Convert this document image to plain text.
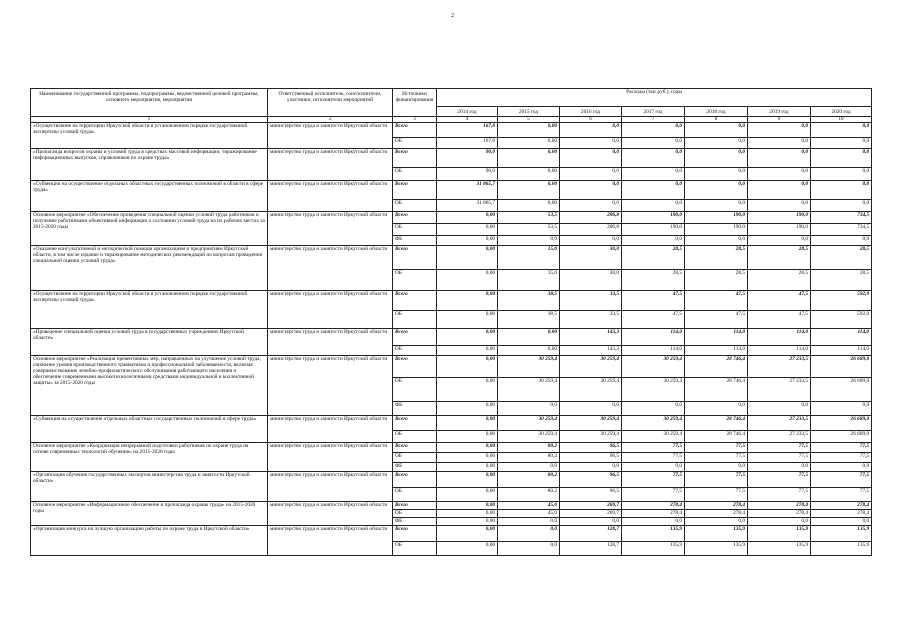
2
Наименование государственной программы, подпрограммы, ведомственной целевой программы, основного мероприятия, мероприятия	Ответственный исполнитель, соисполнители, участники, исполнители мероприятий	Источники финансирования	Расходы (тыс.руб.), годы						
			2014 год	2015 год	2016 год	2017 год	2018 год	2019 год	2020 год
1	2	3	4	5	6	7	8	9	10
«Осуществление на территории Иркутской области в установленном порядке государственной экспертизы условий труда»	министерство труда и занятости Иркутской области	Всего	167,8	0,00	0,0	0,0	0,0	0,0	0,0
		ОБ	167,8	0,00	0,0	0,0	0,0	0,0	0,0
«Пропаганда вопросов охраны и условий труда в средствах массовой информации, тиражирование информационных выпусков, справочников по охране труда»	министерство труда и занятости Иркутской области	Всего	90,0	0,00	0,0	0,0	0,0	0,0	0,0
		ОБ	90,0	0,00	0,0	0,0	0,0	0,0	0,0
«Субвенции на осуществление отдельных областных государственных полномочий в области в сфере труда»	министерство труда и занятости Иркутской области	Всего	31 865,7	0,00	0,0	0,0	0,0	0,0	0,0
		ОБ	31 865,7	0,00	0,0	0,0	0,0	0,0	0,0
Основное мероприятие «Обеспечение проведения специальной оценки условий труда работников и получение работниками объективной информации о состоянии условий труда на их рабочих местах за 2015-2020 годы	министерство труда и занятости Иркутской области	Всего	0,00	53,5	206,8	190,0	190,0	190,0	734,5
		ОБ	0,00	53,5	206,8	190,0	190,0	190,0	734,5
		ФБ	0,00	0,0	0,0	0,0	0,0	0,0	0,0
«Оказание консультативной и методической помощи организациям и предприятиям Иркутской области, в том числе издание и тиражирование методических рекомендаций по вопросам проведения специальной оценки условий труда»	министерство труда и занятости Иркутской области	Всего	0,00	15,0	30,0	28,5	28,5	28,5	28,5
		ОБ	0,00	15,0	30,0	28,5	28,5	28,5	28,5
«Осуществление на территории Иркутской области в установленном порядке государственной экспертизы условий труда»	министерство труда и занятости Иркутской области	Всего	0,00	38,5	33,5	47,5	47,5	47,5	592,0
		ОБ	0,00	38,5	33,5	47,5	47,5	47,5	592,0
«Проведение специальной оценки условий труда в государственных учреждениях Иркутской области»	министерство труда и занятости Иркутской области	Всего	0,00	0,00	143,3	114,0	114,0	114,0	114,0
		ОБ	0,00	0,00	143,3	114,0	114,0	114,0	114,0
Основное мероприятие «Реализация превентивных мер, направленных на улучшение условий труда, снижение уровня производственного травматизма и профессиональной заболеваемости, включая совершенствование лечебно-профилактического обслуживания работающего населения и обеспечение современными высокотехнологичными средствами индивидуальной и коллективной защиты» за 2015-2020 годы	министерство труда и занятости Иркутской области	Всего	0,00	30 259,4	30 259,4	30 259,4	28 746,4	27 233,5	26 689,0
		ОБ	0,00	30 259,4	30 259,4	30 259,4	28 746,4	27 233,5	26 689,0
		ФБ	0,00	0,0	0,0	0,0	0,0	0,0	0,0
«Субвенция на осуществление отдельных областных государственных полномочий в сфере труда»	министерство труда и занятости Иркутской области	Всего	0,00	30 259,4	30 259,4	30 259,4	28 746,4	27 233,5	26 689,0
		ОБ	0,00	30 259,4	30 259,4	30 259,4	28 746,4	27 233,5	26 689,0
Основное мероприятие «Координация непрерывной подготовки работников по охране труда на основе современных технологий обучения» на 2015-2020 годы	министерство труда и занятости Иркутской области	Всего	0,00	80,2	96,5	77,5	77,5	77,5	77,5
		ОБ	0,00	80,2	96,5	77,5	77,5	77,5	77,5
		ФБ	0,00	0,0	0,0	0,0	0,0	0,0	0,0
«Организация обучения государственных экспертов министерства труда и занятости Иркутской области»	министерство труда и занятости Иркутской области	Всего	0,00	80,2	96,5	77,5	77,5	77,5	77,5
		ОБ	0,00	80,2	96,5	77,5	77,5	77,5	77,5
Основное мероприятие «Информационное обеспечение и пропаганда охраны труда» на 2015-2020 годы	министерство труда и занятости Иркутской области	Всего	0,00	45,0	269,7	278,4	278,4	278,4	278,4
		ОБ	0,00	45,0	269,7	278,4	278,4	278,4	278,4
		ФБ	0,00	0,0	0,0	0,0	0,0	0,0	0,0
«Организация конкурса на лучшую организацию работы по охране труда в Иркутской области»	министерство труда и занятости Иркутской области	Всего	0,00	0,0	128,7	135,9	135,9	135,9	135,9
		ОБ	0,00	0,0	128,7	135,9	135,9	135,9	135,9
